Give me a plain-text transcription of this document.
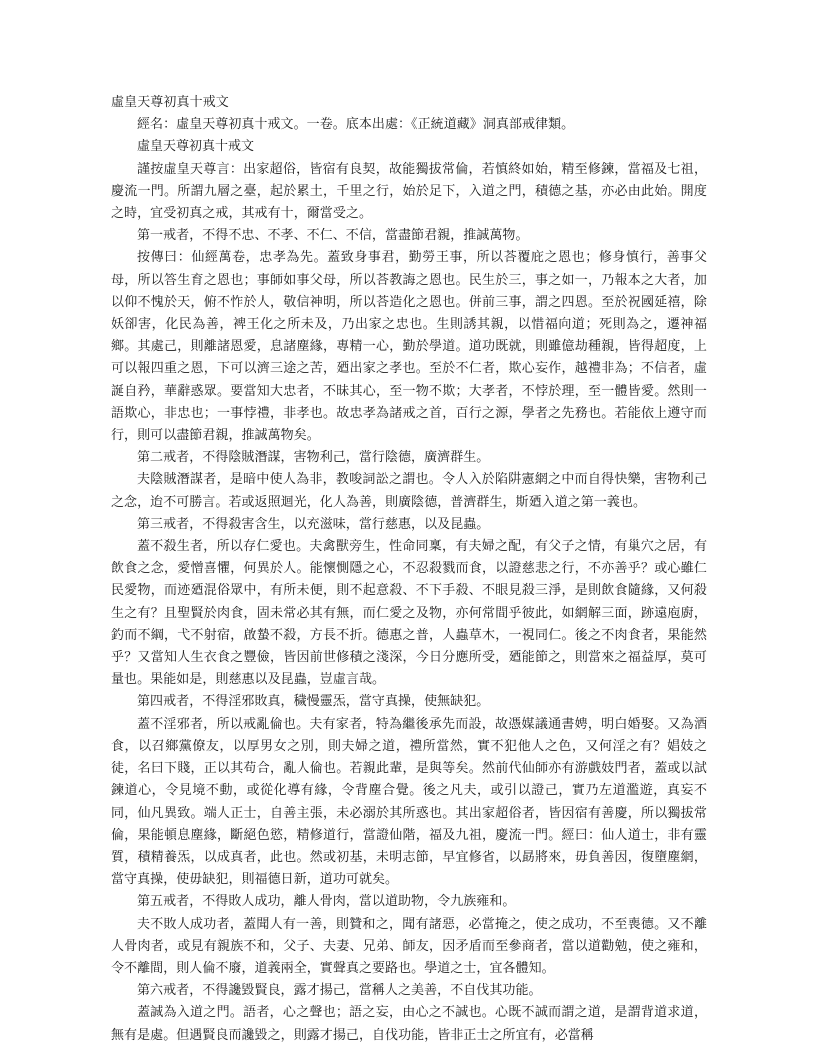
虛皇天尊初真十戒文

經名：虛皇天尊初真十戒文。一卷。底本出處：《正統道藏》洞真部戒律類。

虛皇天尊初真十戒文

謹按虛皇天尊言：出家超俗，皆宿有良契，故能獨拔常倫，若慎終如始，精至修鍊，當福及七祖，慶流一門。所謂九層之臺，起於累土，千里之行，始於足下，入道之門，積德之基，亦必由此始。開度之時，宜受初真之戒，其戒有十，爾當受之。

第一戒者，不得不忠、不孝、不仁、不信，當盡節君親，推誠萬物。

按傳曰：仙經萬卷，忠孝為先。蓋致身事君，勤勞王事，所以荅覆庇之恩也；修身慎行，善事父母，所以答生育之恩也；事師如事父母，所以荅教誨之恩也。民生於三，事之如一，乃報本之大者，加以仰不愧於天，俯不怍於人，敬信神明，所以荅造化之恩也。併前三事，謂之四恩。至於祝國延禧，除妖卻害，化民為善，裨王化之所未及，乃出家之忠也。生則誘其親，以惜福向道；死則為之，遷神福鄉。其處己，則離諸恩愛，息諸塵緣，專精一心，勤於學道。道功既就，則雖億劫種親，皆得超度，上可以報四重之恩，下可以濟三途之苦，廼出家之孝也。至於不仁者，欺心妄作，越禮非為；不信者，虛誕自矜，華辭惑眾。要當知大忠者，不昧其心，至一物不欺；大孝者，不悖於理，至一體皆愛。然則一語欺心，非忠也；一事悖禮，非孝也。故忠孝為諸戒之首，百行之源，學者之先務也。若能依上遵守而行，則可以盡節君親，推誠萬物矣。

第二戒者，不得陰賊潛謀，害物利己，當行陰德，廣濟群生。

夫陰賊潛謀者，是暗中使人為非，教唆詞訟之謂也。令人入於陷阱憲網之中而自得快樂，害物利己之念，迨不可勝言。若或返照迴光，化人為善，則廣陰德，普濟群生，斯廼入道之第一義也。

第三戒者，不得殺害含生，以充滋味，當行慈惠，以及昆蟲。

蓋不殺生者，所以存仁愛也。夫禽獸旁生，性命同稟，有夫婦之配，有父子之情，有巢穴之居，有飲食之念，愛憎喜懼，何異於人。能懷惻隱之心，不忍殺戮而食，以證慈悲之行，不亦善乎？或心雖仁民愛物，而迹廼混俗眾中，有所未便，則不起意殺、不下手殺、不眼見殺三淨，是則飲食隨緣，又何殺生之有？且聖賢於肉食，固未常必其有無，而仁愛之及物，亦何常間乎彼此，如網解三面，跡遠庖廚，釣而不綱，弋不射宿，啟蟄不殺，方長不折。德惠之普，人蟲草木，一視同仁。後之不肉食者，果能然乎？又當知人生衣食之豐儉，皆因前世修積之淺深，今日分應所受，廼能節之，則當來之福益厚，莫可量也。果能如是，則慈惠以及昆蟲，豈虛言哉。

第四戒者，不得淫邪敗真，穢慢靈炁，當守真操，使無缺犯。

蓋不淫邪者，所以戒亂倫也。夫有家者，特為繼後承先而設，故憑媒議通書娉，明白婚娶。又為酒食，以召鄉黨僚友，以厚男女之別，則夫婦之道，禮所當然，實不犯他人之色，又何淫之有？娼妓之徒，名曰下賤，正以其苟合，亂人倫也。若親此輩，是與等矣。然前代仙師亦有游戲妓門者，蓋或以試鍊道心，令見境不動，或從化導有緣，令背塵合覺。後之凡夫，或引以證己，實乃左道濫遊，真妄不同，仙凡異致。端人正士，自善主張，未必溺於其所惑也。其出家超俗者，皆因宿有善慶，所以獨拔常倫，果能頓息塵緣，斷絕色慾，精修道行，當證仙階，福及九祖，慶流一門。經曰：仙人道士，非有靈質，積精養炁，以成真者，此也。然或初基，未明志節，早宜修省，以勗將來，毋負善因，復墮塵網，當守真操，使毋缺犯，則福德日新，道功可就矣。

第五戒者，不得敗人成功，離人骨肉，當以道助物，令九族雍和。

夫不敗人成功者，蓋聞人有一善，則贊和之，聞有諸惡，必當掩之，使之成功，不至喪德。又不離人骨肉者，或見有親族不和，父子、夫妻、兄弟、師友，因矛盾而至參商者，當以道勸勉，使之雍和，令不離間，則人倫不廢，道義兩全，實聲真之要路也。學道之士，宜各體知。

第六戒者，不得讒毀賢良，露才揚己，當稱人之美善，不自伐其功能。

蓋誠為入道之門。語者，心之聲也；語之妄，由心之不誠也。心既不誠而謂之道，是謂背道求道，無有是處。但遇賢良而讒毀之，則露才揚己，自伐功能，皆非正士之所宜有，必當稱
